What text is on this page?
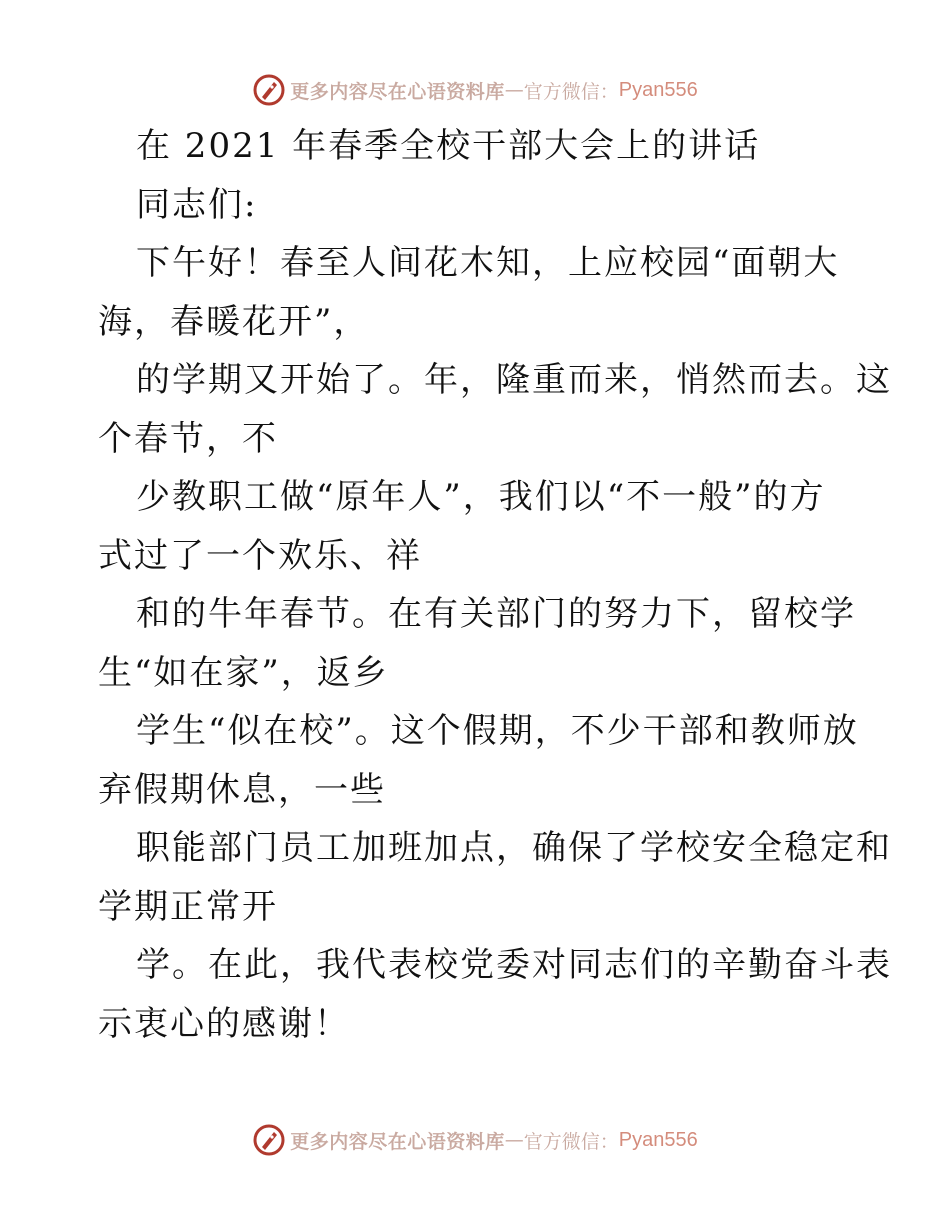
更多内容尽在心语资料库 — 官方微信： Pyan556
在 2021 年春季全校干部大会上的讲话
同志们:
下午好！春至人间花木知，上应校园“面朝大
海，春暖花开”，
的学期又开始了。年，隆重而来，悄然而去。这
个春节，不
少教职工做“原年人”，我们以“不一般”的方
式过了一个欢乐、祥
和的牛年春节。在有关部门的努力下，留校学
生“如在家”，返乡
学生“似在校”。这个假期，不少干部和教师放
弃假期休息，一些
职能部门员工加班加点，确保了学校安全稳定和
学期正常开
学。在此，我代表校党委对同志们的辛勤奋斗表
示衷心的感谢！
更多内容尽在心语资料库 — 官方微信： Pyan556
